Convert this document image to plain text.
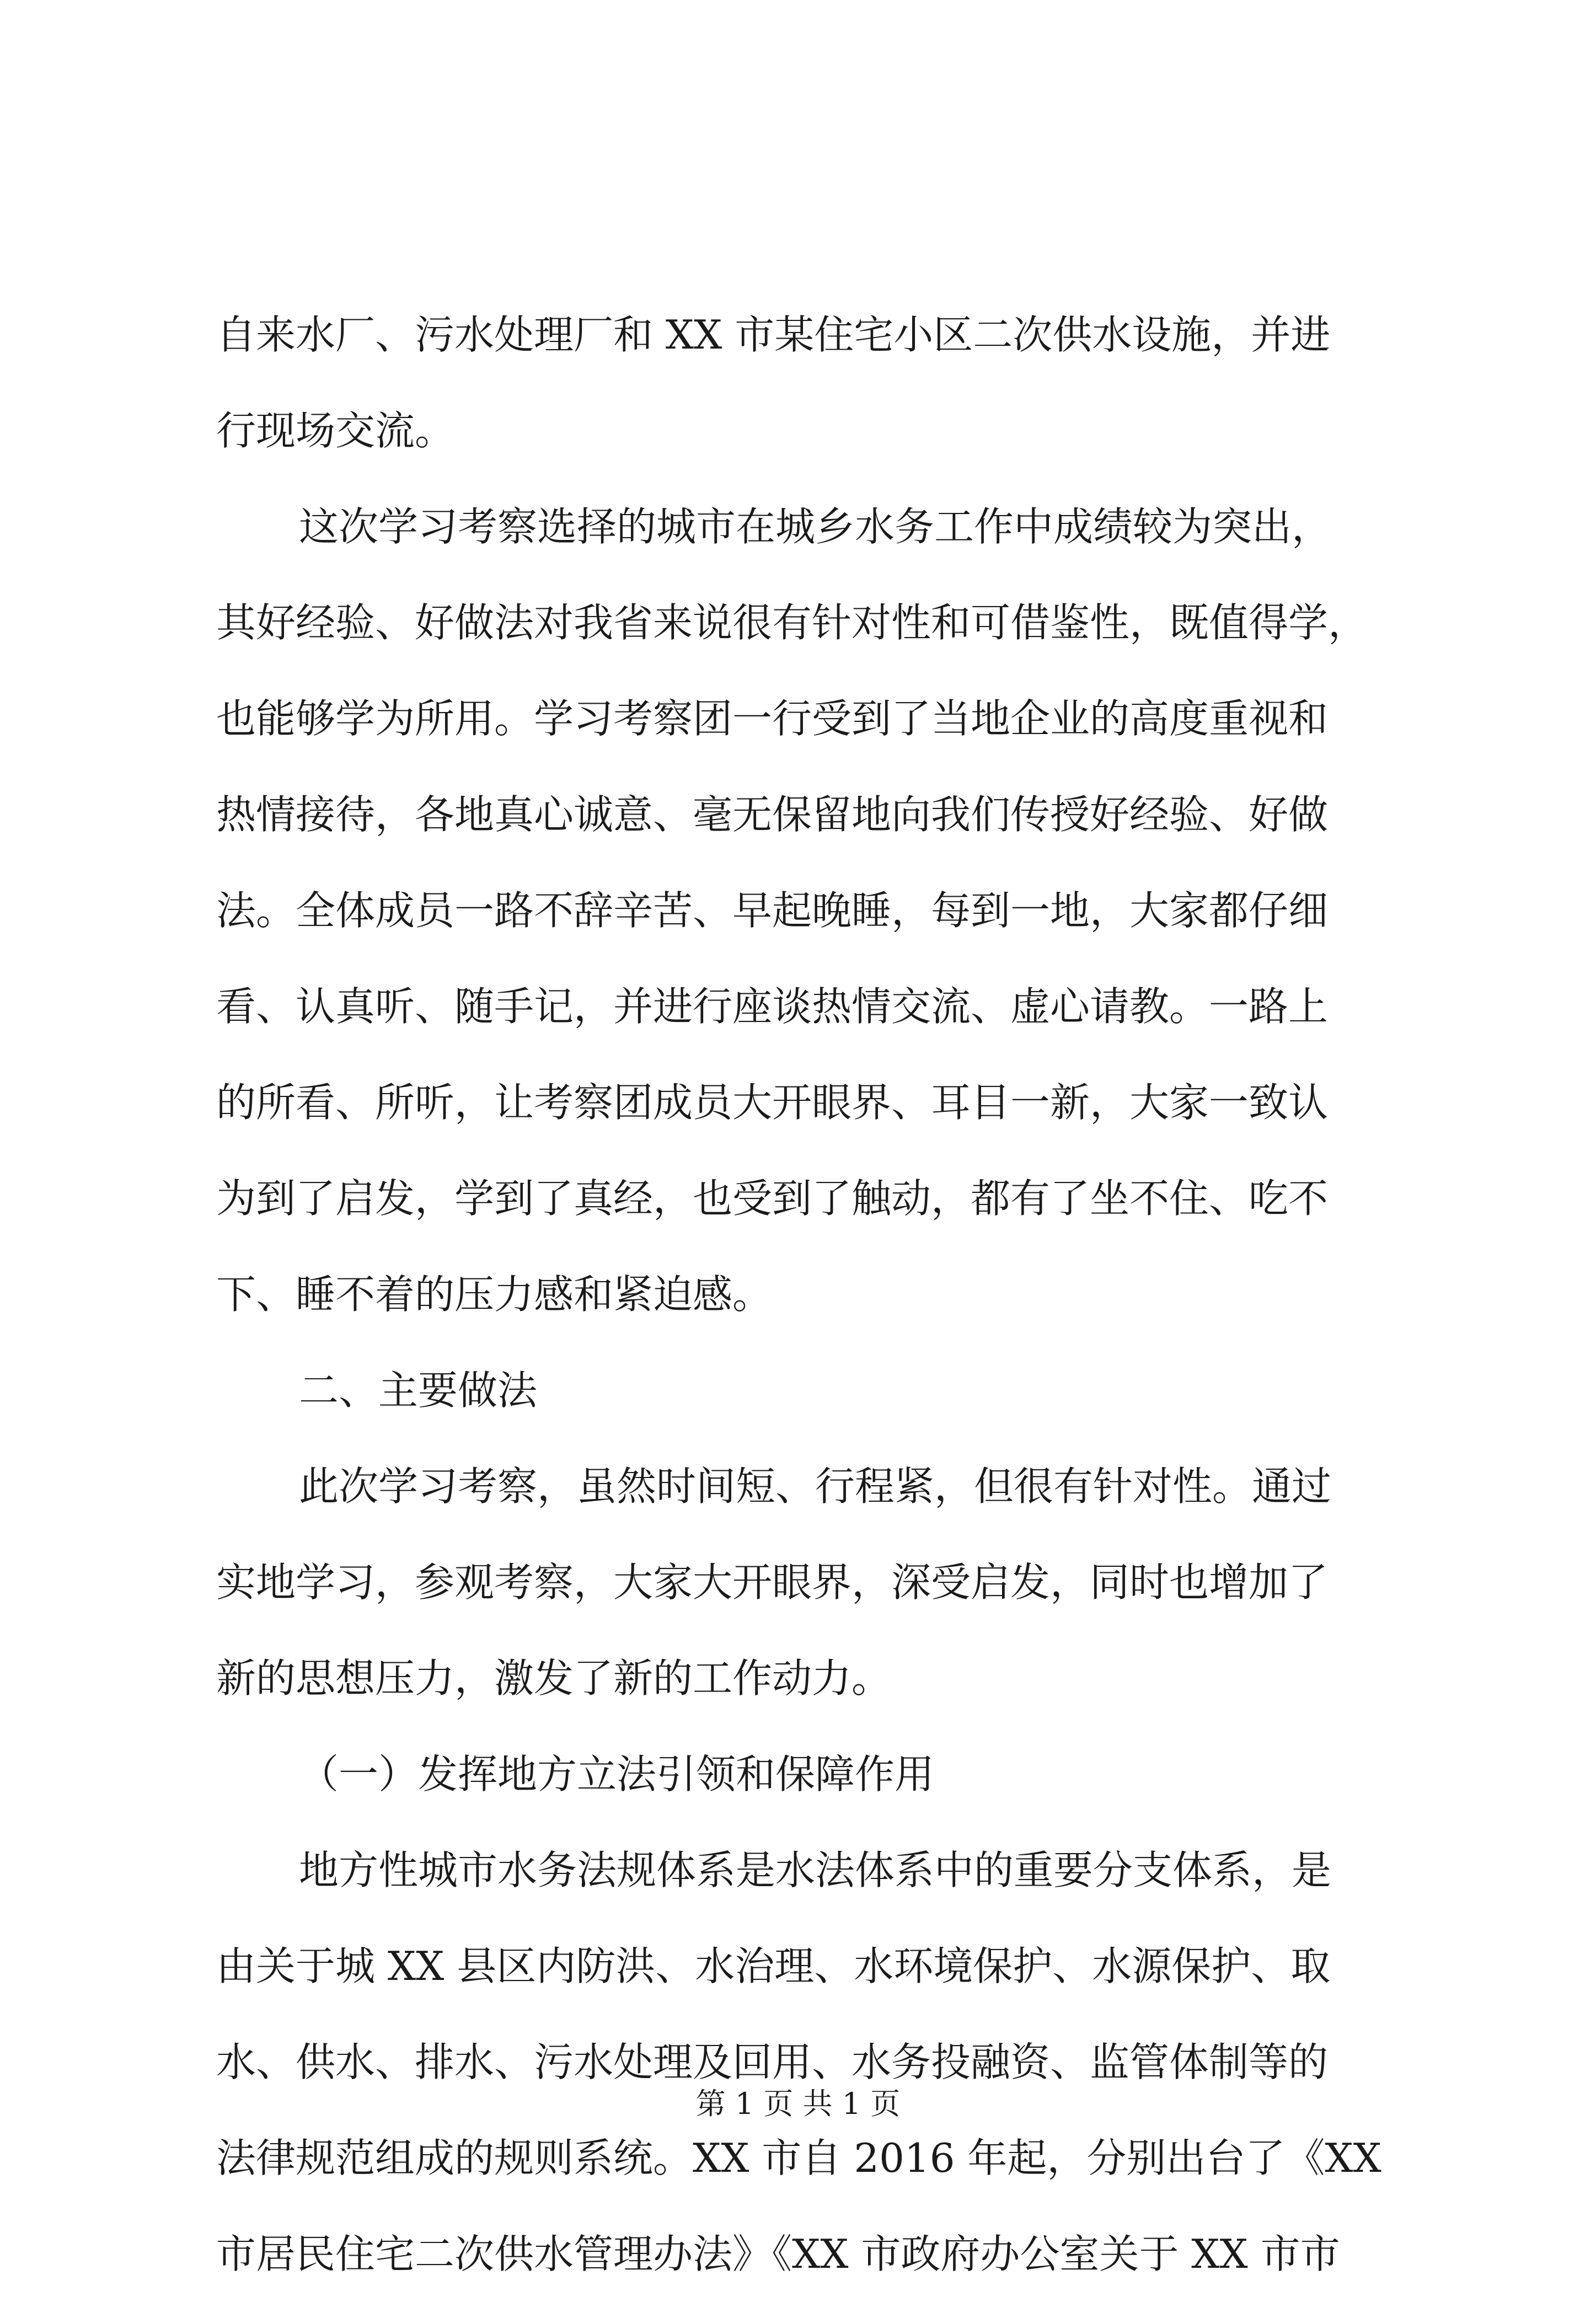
自来水厂、污水处理厂和 XX 市某住宅小区二次供水设施，并进
行现场交流。
这次学习考察选择的城市在城乡水务工作中成绩较为突出，
其好经验、好做法对我省来说很有针对性和可借鉴性，既值得学，
也能够学为所用。学习考察团一行受到了当地企业的高度重视和
热情接待，各地真心诚意、毫无保留地向我们传授好经验、好做
法。全体成员一路不辞辛苦、早起晚睡，每到一地，大家都仔细
看、认真听、随手记，并进行座谈热情交流、虚心请教。一路上
的所看、所听，让考察团成员大开眼界、耳目一新，大家一致认
为到了启发，学到了真经，也受到了触动，都有了坐不住、吃不
下、睡不着的压力感和紧迫感。
二、主要做法
此次学习考察，虽然时间短、行程紧，但很有针对性。通过
实地学习，参观考察，大家大开眼界，深受启发，同时也增加了
新的思想压力，激发了新的工作动力。
（一）发挥地方立法引领和保障作用
地方性城市水务法规体系是水法体系中的重要分支体系，是
由关于城 XX 县区内防洪、水治理、水环境保护、水源保护、取
水、供水、排水、污水处理及回用、水务投融资、监管体制等的
法律规范组成的规则系统。XX 市自 2016 年起，分别出台了《XX
市居民住宅二次供水管理办法》《XX 市政府办公室关于 XX 市市
第 1 页 共 1 页
